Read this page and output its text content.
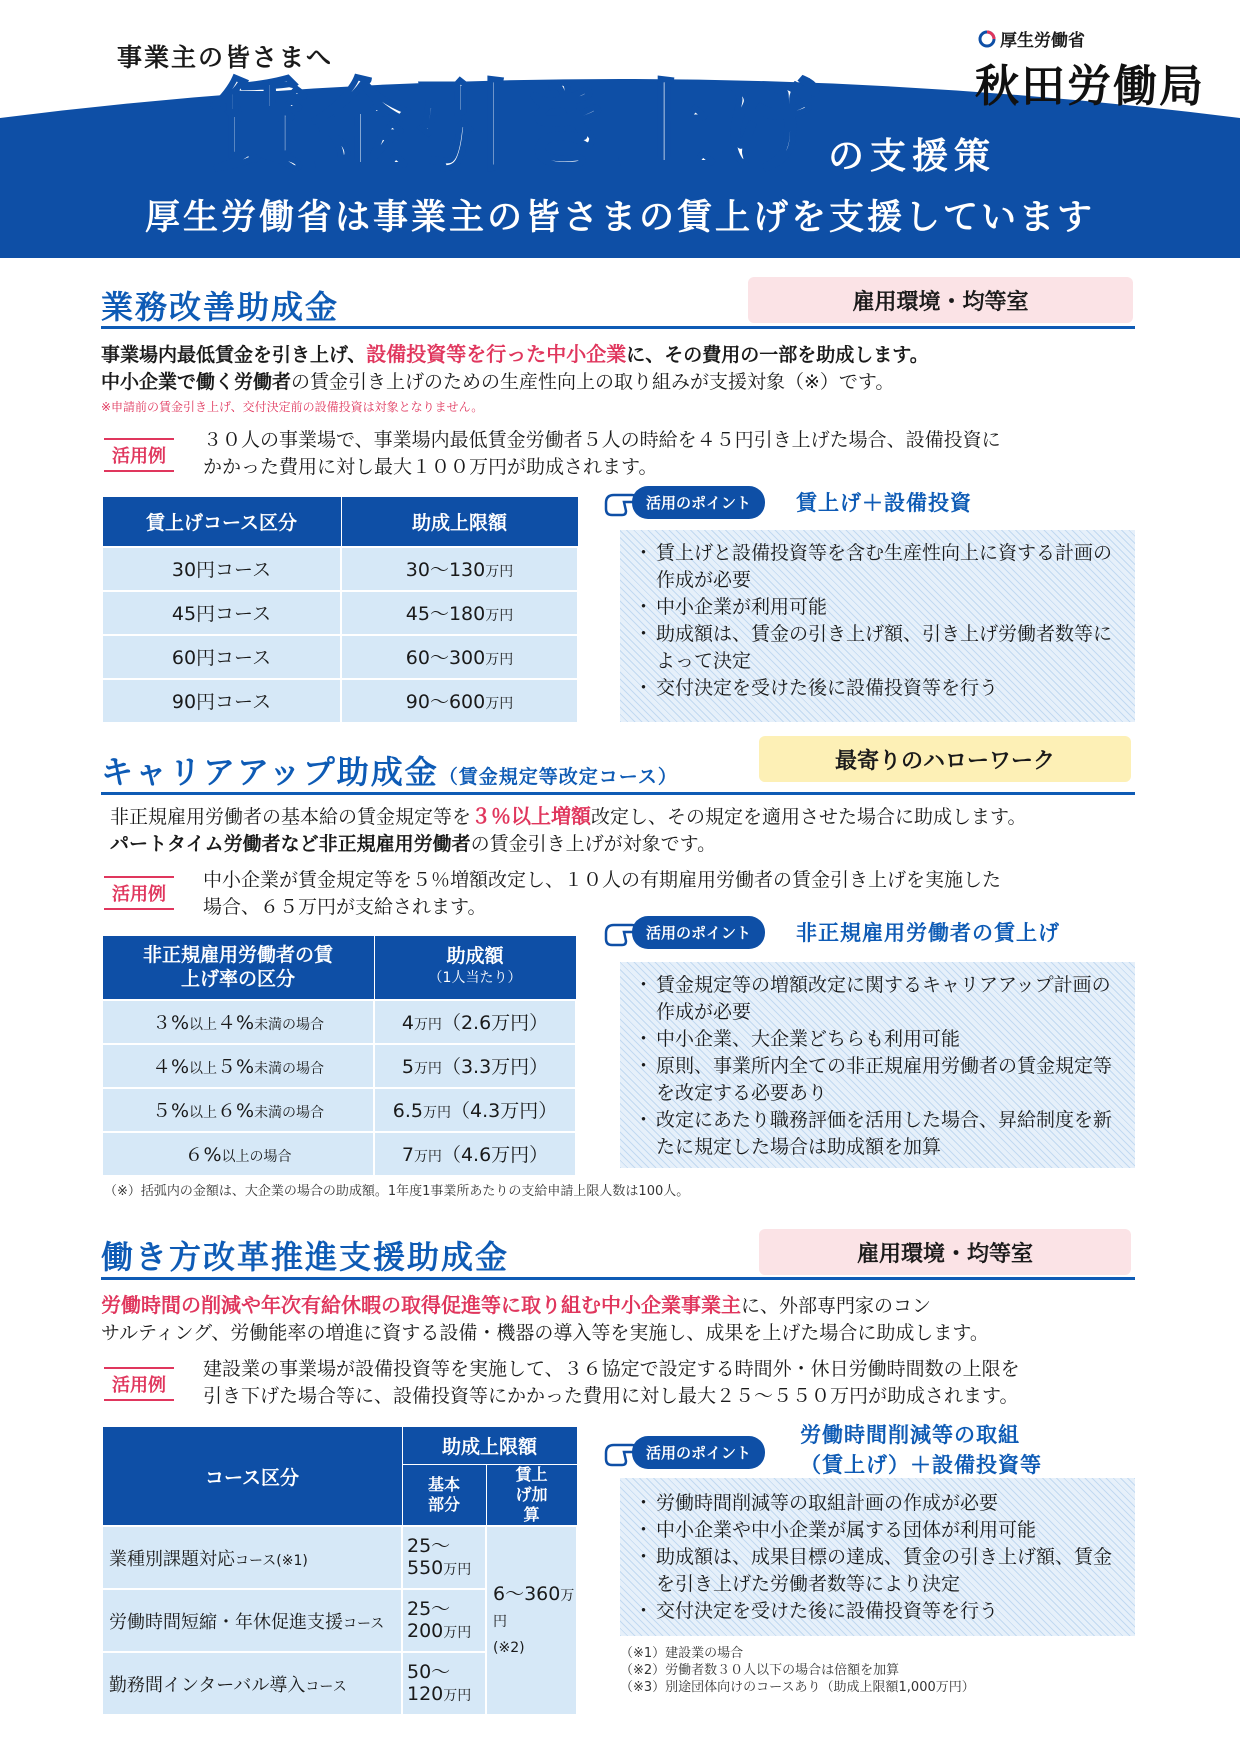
事業主の皆さまへ
賃金引き上げ の支援策
厚生労働省は事業主の皆さまの賃上げを支援しています
厚生労働省
秋田労働局
業務改善助成金	雇用環境・均等室
事業場内最低賃金を引き上げ、設備投資等を行った中小企業に、その費用の一部を助成します。
中小企業で働く労働者の賃金引き上げのための生産性向上の取り組みが支援対象（※）です。
※申請前の賃金引き上げ、交付決定前の設備投資は対象となりません。
活用例
３０人の事業場で、事業場内最低賃金労働者５人の時給を４５円引き上げた場合、設備投資に
かかった費用に対し最大１００万円が助成されます。
賃上げコース区分	助成上限額
30円コース	30～130万円
45円コース	45～180万円
60円コース	60～300万円
90円コース	90～600万円
活用のポイント	賃上げ＋設備投資
・ 賃上げと設備投資等を含む生産性向上に資する計画の作成が必要
・ 中小企業が利用可能
・ 助成額は、賃金の引き上げ額、引き上げ労働者数等によって決定
・ 交付決定を受けた後に設備投資等を行う
キャリアアップ助成金（賃金規定等改定コース）
最寄りのハローワーク
非正規雇用労働者の基本給の賃金規定等を３％以上増額改定し、その規定を適用させた場合に助成します。
パートタイム労働者など非正規雇用労働者の賃金引き上げが対象です。
活用例
中小企業が賃金規定等を５％増額改定し、１０人の有期雇用労働者の賃金引き上げを実施した
場合、６５万円が支給されます。
非正規雇用労働者の賃上げ率の区分	助成額
（1人当たり）

３%以上４%未満の場合	4万円（2.6万円）
４%以上５%未満の場合	5万円（3.3万円）
５%以上６%未満の場合	6.5万円（4.3万円）
６%以上の場合	7万円（4.6万円）
（※）括弧内の金額は、大企業の場合の助成額。1年度1事業所あたりの支給申請上限人数は100人。
活用のポイント	非正規雇用労働者の賃上げ
・ 賃金規定等の増額改定に関するキャリアアップ計画の作成が必要
・ 中小企業、大企業どちらも利用可能
・ 原則、事業所内全ての非正規雇用労働者の賃金規定等を改定する必要あり
・ 改定にあたり職務評価を活用した場合、昇給制度を新たに規定した場合は助成額を加算
働き方改革推進支援助成金	雇用環境・均等室
労働時間の削減や年次有給休暇の取得促進等に取り組む中小企業事業主に、外部専門家のコン
サルティング、労働能率の増進に資する設備・機器の導入等を実施し、成果を上げた場合に助成します。
活用例
建設業の事業場が設備投資等を実施して、３６協定で設定する時間外・休日労働時間数の上限を
引き下げた場合等に、設備投資等にかかった費用に対し最大２５～５５０万円が助成されます。
コース区分	助成上限額	
	基本部分	賃上げ加算
業種別課題対応コース(※1)	25～550万円	6～360万円
(※2)
労働時間短縮・年休促進支援コース	25～200万円	
勤務間インターバル導入コース	50～120万円	
活用のポイント
労働時間削減等の取組
（賃上げ）＋設備投資等
・ 労働時間削減等の取組計画の作成が必要
・ 中小企業や中小企業が属する団体が利用可能
・ 助成額は、成果目標の達成、賃金の引き上げ額、賃金を引き上げた労働者数等により決定
・ 交付決定を受けた後に設備投資等を行う
（※1）建設業の場合
（※2）労働者数３０人以下の場合は倍額を加算
（※3）別途団体向けのコースあり（助成上限額1,000万円）
